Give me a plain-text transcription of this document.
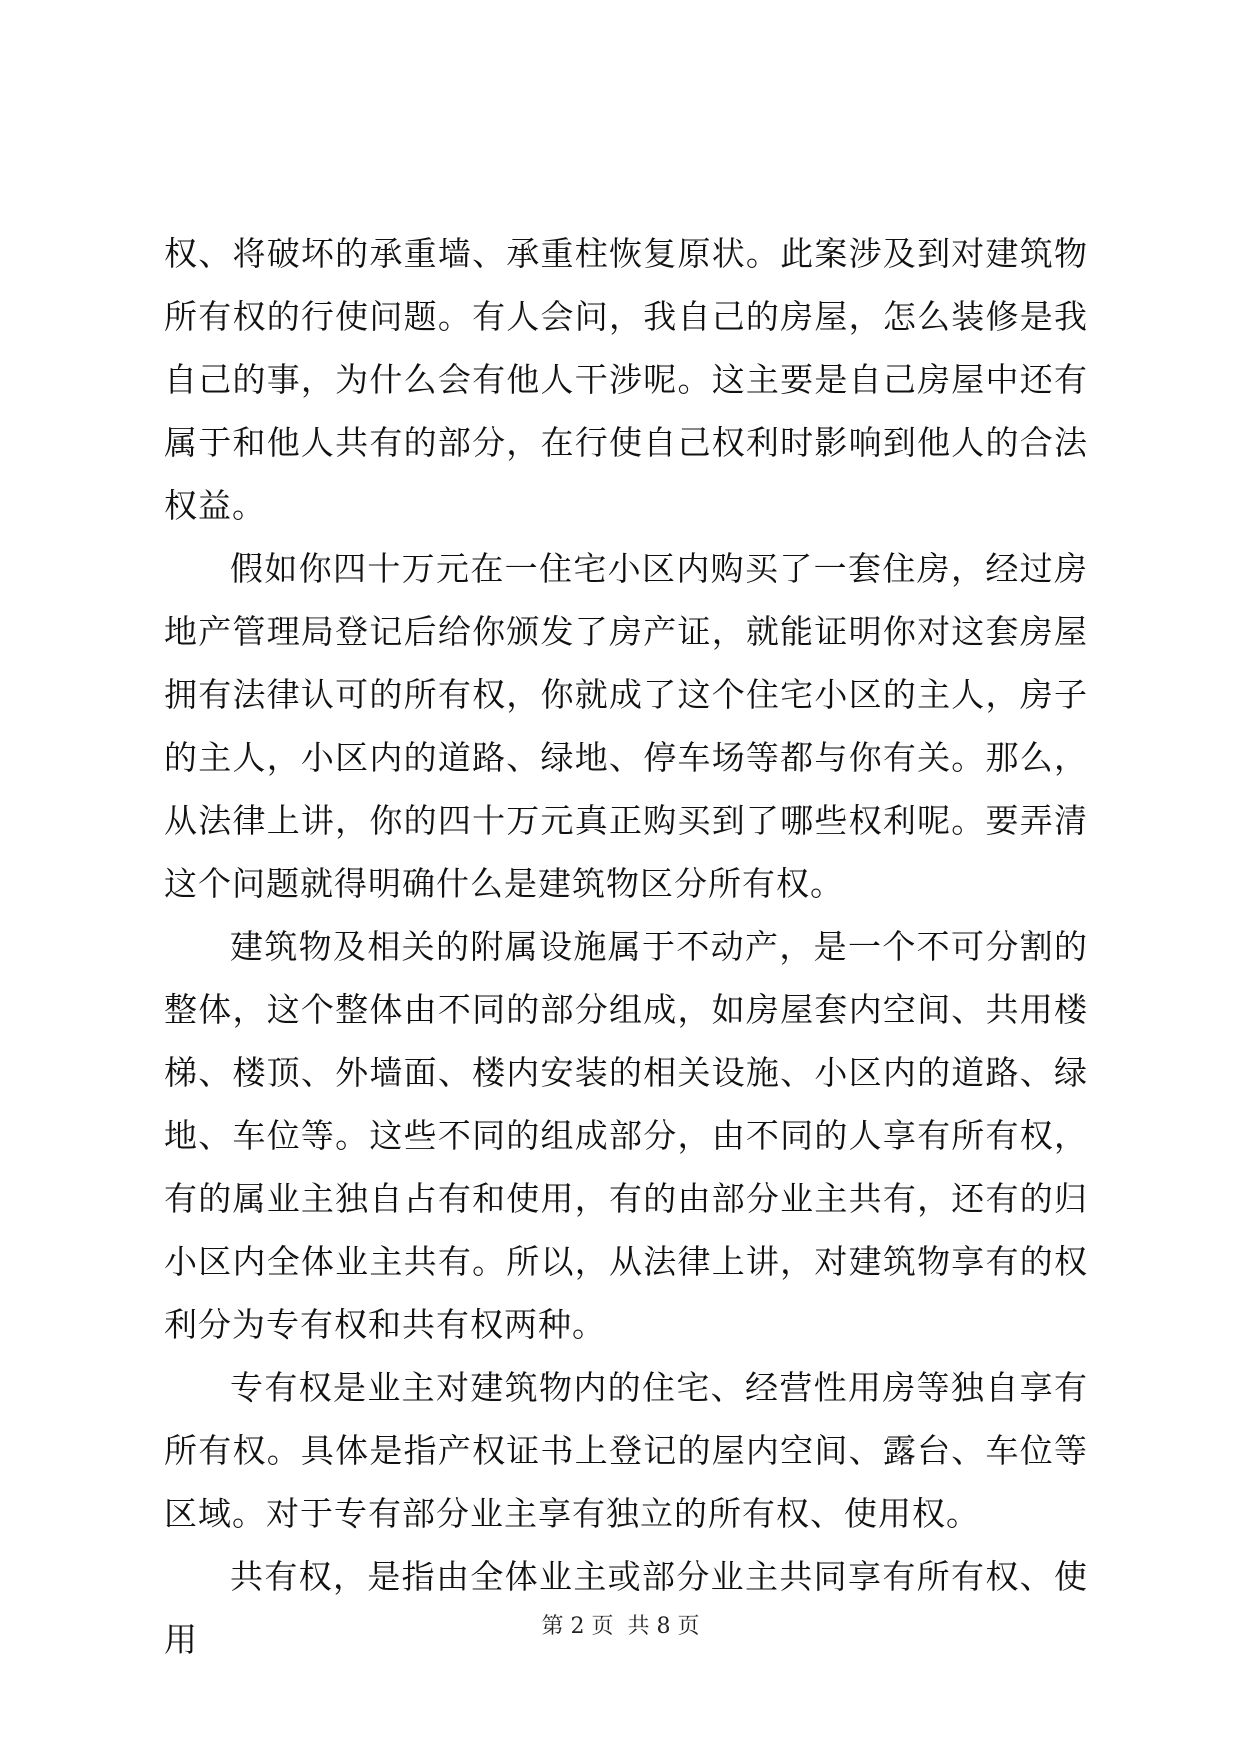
权、将破坏的承重墙、承重柱恢复原状。此案涉及到对建筑物所有权的行使问题。有人会问，我自己的房屋，怎么装修是我自己的事，为什么会有他人干涉呢。这主要是自己房屋中还有属于和他人共有的部分，在行使自己权利时影响到他人的合法权益。

假如你四十万元在一住宅小区内购买了一套住房，经过房地产管理局登记后给你颁发了房产证，就能证明你对这套房屋拥有法律认可的所有权，你就成了这个住宅小区的主人，房子的主人，小区内的道路、绿地、停车场等都与你有关。那么，从法律上讲，你的四十万元真正购买到了哪些权利呢。要弄清这个问题就得明确什么是建筑物区分所有权。

建筑物及相关的附属设施属于不动产，是一个不可分割的整体，这个整体由不同的部分组成，如房屋套内空间、共用楼梯、楼顶、外墙面、楼内安装的相关设施、小区内的道路、绿地、车位等。这些不同的组成部分，由不同的人享有所有权，有的属业主独自占有和使用，有的由部分业主共有，还有的归小区内全体业主共有。所以，从法律上讲，对建筑物享有的权利分为专有权和共有权两种。

专有权是业主对建筑物内的住宅、经营性用房等独自享有所有权。具体是指产权证书上登记的屋内空间、露台、车位等区域。对于专有部分业主享有独立的所有权、使用权。

共有权，是指由全体业主或部分业主共同享有所有权、使用	第 2 页  共 8 页
